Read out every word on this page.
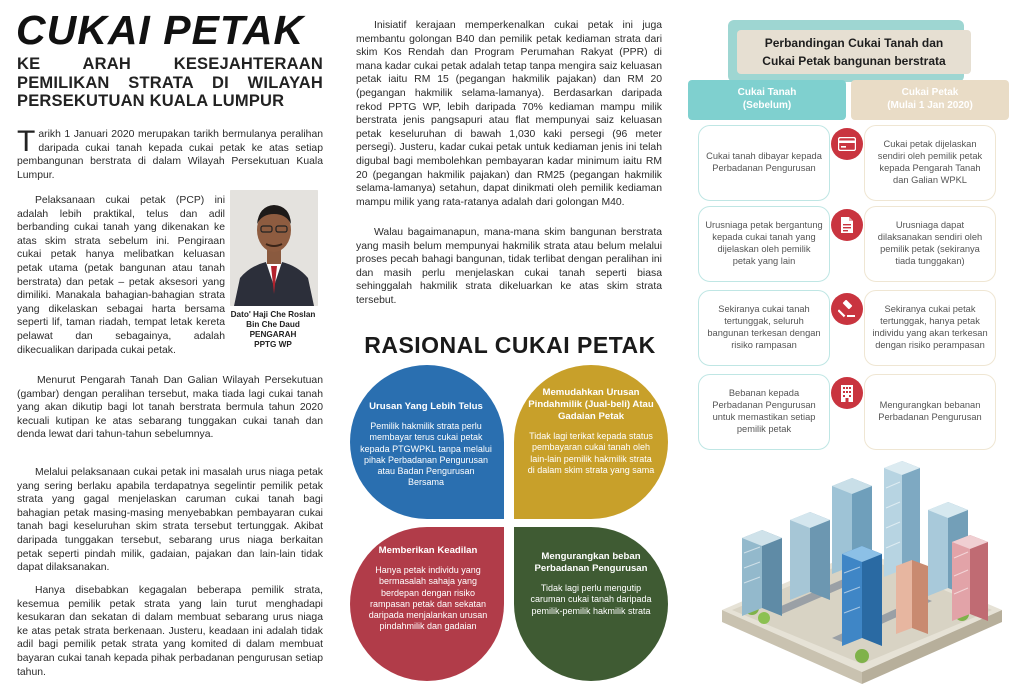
CUKAI PETAK
KE ARAH KESEJAHTERAAN PEMILIKAN STRATA DI WILAYAH PERSEKUTUAN KUALA LUMPUR
Tarikh 1 Januari 2020 merupakan tarikh bermulanya peralihan daripada cukai tanah kepada cukai petak ke atas setiap pembangunan berstrata di dalam Wilayah Persekutuan Kuala Lumpur.
Pelaksanaan cukai petak (PCP) ini adalah lebih praktikal, telus dan adil berbanding cukai tanah yang dikenakan ke atas skim strata sebelum ini. Pengiraan cukai petak hanya melibatkan keluasan petak utama (petak bangunan atau tanah berstrata) dan petak – petak aksesori yang dimiliki. Manakala bahagian-bahagian strata yang dikelaskan sebagai harta bersama seperti lif, taman riadah, tempat letak kereta pelawat dan sebagainya, adalah dikecualikan daripada cukai petak.
Dato' Haji Che Roslan
Bin Che Daud
PENGARAH
PPTG WP
Menurut Pengarah Tanah Dan Galian Wilayah Persekutuan (gambar) dengan peralihan tersebut, maka tiada lagi cukai tanah yang akan dikutip bagi lot tanah berstrata bermula tahun 2020 kecuali kutipan ke atas sebarang tunggakan cukai tanah dan denda lewat dari tahun-tahun sebelumnya.
Melalui pelaksanaan cukai petak ini masalah urus niaga petak yang sering berlaku apabila terdapatnya segelintir pemilik petak strata yang gagal menjelaskan caruman cukai tanah bagi bahagian petak masing-masing menyebabkan pembayaran cukai tanah bagi keseluruhan skim strata tersebut tertunggak. Akibat daripada tunggakan tersebut, sebarang urus niaga berkaitan petak seperti pindah milik, gadaian, pajakan dan lain-lain tidak dapat dilaksanakan.
Hanya disebabkan kegagalan beberapa pemilik strata, kesemua pemilik petak strata yang lain turut menghadapi kesukaran dan sekatan di dalam membuat sebarang urus niaga ke atas petak strata berkenaan. Justeru, keadaan ini adalah tidak adil bagi pemilik petak strata yang komited di dalam membuat bayaran cukai tanah kepada pihak perbadanan pengurusan setiap tahun.
Inisiatif kerajaan memperkenalkan cukai petak ini juga membantu golongan B40 dan pemilik petak kediaman strata dari skim Kos Rendah dan Program Perumahan Rakyat (PPR) di mana kadar cukai petak adalah tetap tanpa mengira saiz keluasan petak iaitu RM 15 (pegangan hakmilik pajakan) dan RM 20 (pegangan hakmilik selama-lamanya). Berdasarkan daripada rekod PPTG WP, lebih daripada 70% kediaman mampu milik berstrata jenis pangsapuri atau flat mempunyai saiz keluasan petak keseluruhan di bawah 1,030 kaki persegi (96 meter persegi). Justeru, kadar cukai petak untuk kediaman jenis ini telah digubal bagi membolehkan pembayaran kadar minimum iaitu RM 20 (pegangan hakmilik pajakan) dan RM25 (pegangan hakmilik selama-lamanya) setahun, dapat dinikmati oleh pemilik kediaman mampu milik yang rata-ratanya adalah dari golongan M40.
Walau bagaimanapun, mana-mana skim bangunan berstrata yang masih belum mempunyai hakmilik strata atau belum melalui proses pecah bahagi bangunan, tidak terlibat dengan peralihan ini dan masih perlu menjelaskan cukai tanah seperti biasa sehinggalah hakmilik strata dikeluarkan ke atas skim strata tersebut.
RASIONAL CUKAI PETAK
Urusan Yang Lebih Telus
Pemilik hakmilik strata perlu membayar terus cukai petak kepada PTGWPKL tanpa melalui pihak Perbadanan Pengurusan atau Badan Pengurusan Bersama
Memudahkan Urusan Pindahmilik (Jual-beli) Atau Gadaian Petak
Tidak lagi terikat kepada status pembayaran cukai tanah oleh lain-lain pemilik hakmilik strata di dalam skim strata yang sama
Memberikan Keadilan
Hanya petak individu yang bermasalah sahaja yang berdepan dengan risiko rampasan petak dan sekatan daripada menjalankan urusan pindahmilik dan gadaian
Mengurangkan beban Perbadanan Pengurusan
Tidak lagi perlu mengutip caruman cukai tanah daripada pemilik-pemilik hakmilik strata
Perbandingan Cukai Tanah dan
Cukai Petak bangunan berstrata
Cukai Tanah
(Sebelum)
Cukai Petak
(Mulai 1 Jan 2020)
Cukai tanah dibayar kepada Perbadanan Pengurusan
Cukai petak dijelaskan sendiri oleh pemilik petak kepada Pengarah Tanah dan Galian WPKL
Urusniaga petak bergantung kepada cukai tanah yang dijelaskan oleh pemilik petak yang lain
Urusniaga dapat dilaksanakan sendiri oleh pemilik petak (sekiranya tiada tunggakan)
Sekiranya cukai tanah tertunggak, seluruh bangunan terkesan dengan risiko rampasan
Sekiranya cukai petak tertunggak, hanya petak individu yang akan terkesan dengan risiko perampasan
Bebanan kepada Perbadanan Pengurusan untuk memastikan setiap pemilik petak
Mengurangkan bebanan Perbadanan Pengurusan
